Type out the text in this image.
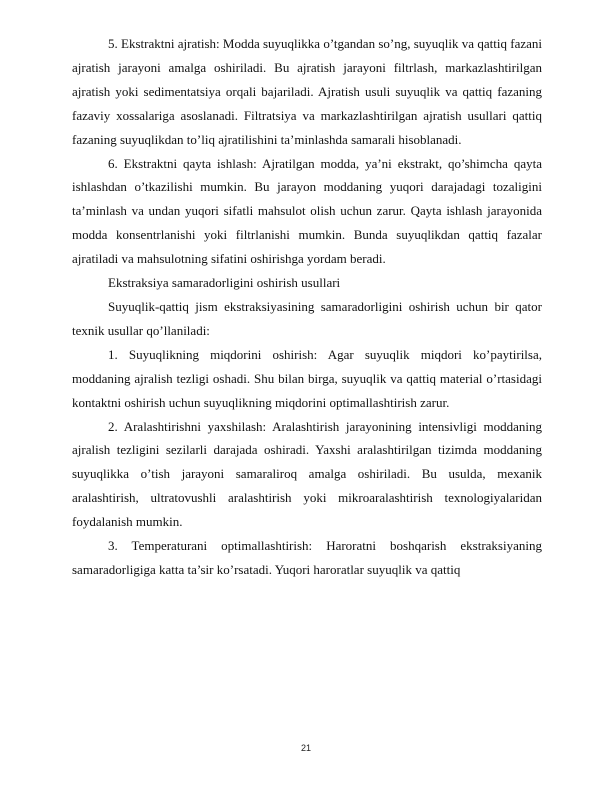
5. Ekstraktni ajratish: Modda suyuqlikka o’tgandan so’ng, suyuqlik va qattiq fazani ajratish jarayoni amalga oshiriladi. Bu ajratish jarayoni filtrlash, markazlashtirilgan ajratish yoki sedimentatsiya orqali bajariladi. Ajratish usuli suyuqlik va qattiq fazaning fazaviy xossalariga asoslanadi. Filtratsiya va markazlashtirilgan ajratish usullari qattiq fazaning suyuqlikdan to’liq ajratilishini ta’minlashda samarali hisoblanadi.

6. Ekstraktni qayta ishlash: Ajratilgan modda, ya’ni ekstrakt, qo’shimcha qayta ishlashdan o’tkazilishi mumkin. Bu jarayon moddaning yuqori darajadagi tozaligini ta’minlash va undan yuqori sifatli mahsulot olish uchun zarur. Qayta ishlash jarayonida modda konsentrlanishi yoki filtrlanishi mumkin. Bunda suyuqlikdan qattiq fazalar ajratiladi va mahsulotning sifatini oshirishga yordam beradi.

Ekstraksiya samaradorligini oshirish usullari

Suyuqlik-qattiq jism ekstraksiyasining samaradorligini oshirish uchun bir qator texnik usullar qo’llaniladi:

1. Suyuqlikning miqdorini oshirish: Agar suyuqlik miqdori ko’paytirilsa, moddaning ajralish tezligi oshadi. Shu bilan birga, suyuqlik va qattiq material o’rtasidagi kontaktni oshirish uchun suyuqlikning miqdorini optimallashtirish zarur.

2. Aralashtirishni yaxshilash: Aralashtirish jarayonining intensivligi moddaning ajralish tezligini sezilarli darajada oshiradi. Yaxshi aralashtirilgan tizimda moddaning suyuqlikka o’tish jarayoni samaraliroq amalga oshiriladi. Bu usulda, mexanik aralashtirish, ultratovushli aralashtirish yoki mikroaralashtirish texnologiyalaridan foydalanish mumkin.

3. Temperaturani optimallashtirish: Haroratni boshqarish ekstraksiyaning samaradorligiga katta ta’sir ko’rsatadi. Yuqori haroratlar suyuqlik va qattiq

21
